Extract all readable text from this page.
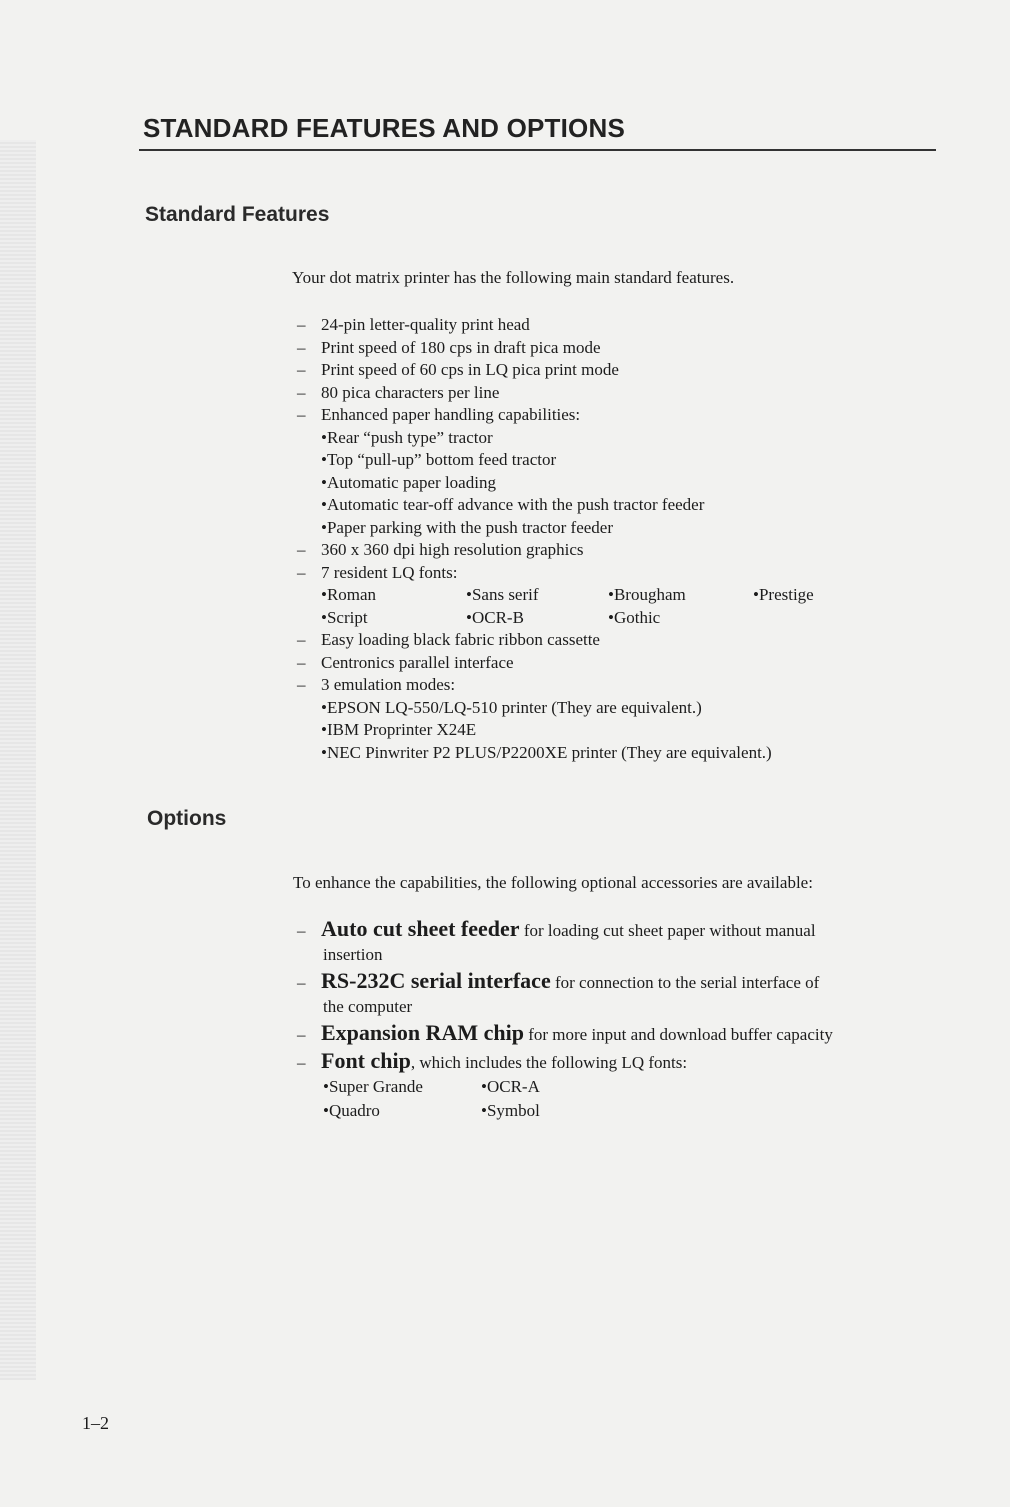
STANDARD FEATURES AND OPTIONS
Standard Features

Your dot matrix printer has the following main standard features.

– 24-pin letter-quality print head
– Print speed of 180 cps in draft pica mode
– Print speed of 60 cps in LQ pica print mode
– 80 pica characters per line
– Enhanced paper handling capabilities:
•Rear “push type” tractor
•Top “pull-up” bottom feed tractor
•Automatic paper loading
•Automatic tear-off advance with the push tractor feeder
•Paper parking with the push tractor feeder
– 360 x 360 dpi high resolution graphics
– 7 resident LQ fonts:
•Roman	•Sans serif	•Brougham	•Prestige
•Script	•OCR-B	•Gothic
– Easy loading black fabric ribbon cassette
– Centronics parallel interface
– 3 emulation modes:
•EPSON LQ-550/LQ-510 printer (They are equivalent.)
•IBM Proprinter X24E
•NEC Pinwriter P2 PLUS/P2200XE printer (They are equivalent.)
Options

To enhance the capabilities, the following optional accessories are available:

– Auto cut sheet feeder for loading cut sheet paper without manual
insertion
– RS-232C serial interface for connection to the serial interface of
the computer
– Expansion RAM chip for more input and download buffer capacity
– Font chip, which includes the following LQ fonts:
•Super Grande	•OCR-A
•Quadro	•Symbol

1–2
